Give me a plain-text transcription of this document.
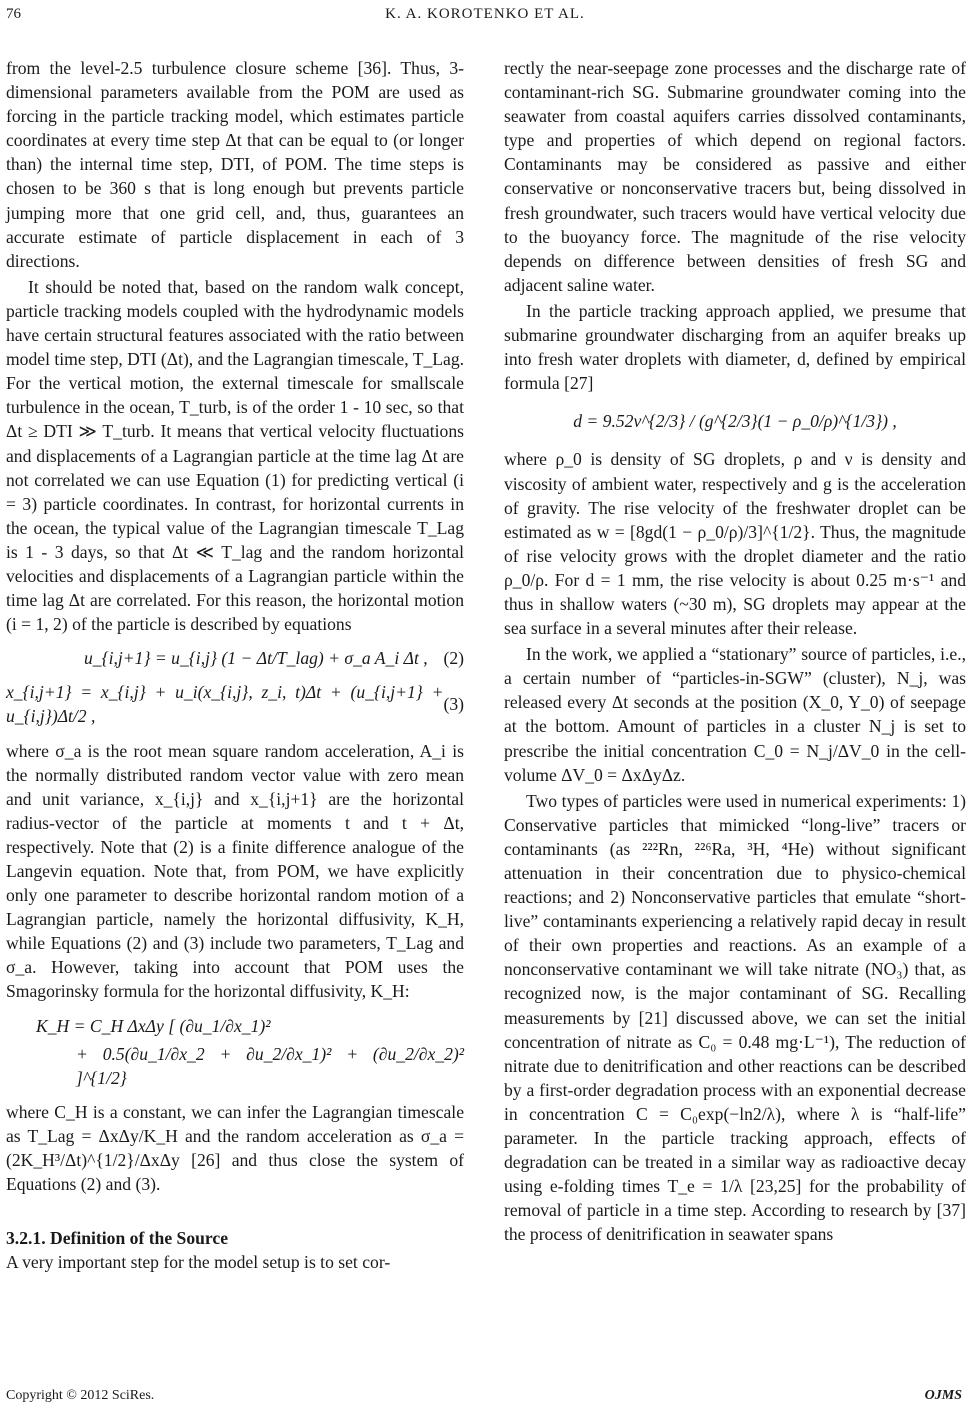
76	K. A. KOROTENKO ET AL.

from the level-2.5 turbulence closure scheme [36]. Thus, 3-dimensional parameters available from the POM are used as forcing in the particle tracking model, which estimates particle coordinates at every time step Δt that can be equal to (or longer than) the internal time step, DTI, of POM. The time steps is chosen to be 360 s that is long enough but prevents particle jumping more that one grid cell, and, thus, guarantees an accurate estimate of particle displacement in each of 3 directions.

It should be noted that, based on the random walk concept, particle tracking models coupled with the hydrodynamic models have certain structural features associated with the ratio between model time step, DTI (Δt), and the Lagrangian timescale, T_Lag. For the vertical motion, the external timescale for smallscale turbulence in the ocean, T_turb, is of the order 1 - 10 sec, so that Δt ≥ DTI ≫ T_turb. It means that vertical velocity fluctuations and displacements of a Lagrangian particle at the time lag Δt are not correlated we can use Equation (1) for predicting vertical (i = 3) particle coordinates. In contrast, for horizontal currents in the ocean, the typical value of the Lagrangian timescale T_Lag is 1 - 3 days, so that Δt ≪ T_lag and the random horizontal velocities and displacements of a Lagrangian particle within the time lag Δt are correlated. For this reason, the horizontal motion (i = 1, 2) of the particle is described by equations

u_{i,j+1} = u_{i,j} (1 − Δt/T_lag) + σ_a A_i Δt , (2)
x_{i,j+1} = x_{i,j} + u_i(x_{i,j}, z_i, t)Δt + (u_{i,j+1} + u_{i,j})Δt/2 ,
(3)

where σ_a is the root mean square random acceleration, A_i is the normally distributed random vector value with zero mean and unit variance, x_{i,j} and x_{i,j+1} are the horizontal radius-vector of the particle at moments t and t + Δt, respectively. Note that (2) is a finite difference analogue of the Langevin equation. Note that, from POM, we have explicitly only one parameter to describe horizontal random motion of a Lagrangian particle, namely the horizontal diffusivity, K_H, while Equations (2) and (3) include two parameters, T_Lag and σ_a. However, taking into account that POM uses the Smagorinsky formula for the horizontal diffusivity, K_H:

K_H = C_H ΔxΔy [ (∂u_1/∂x_1)²
+ 0.5(∂u_1/∂x_2 + ∂u_2/∂x_1)² + (∂u_2/∂x_2)² ]^{1/2}

where C_H is a constant, we can infer the Lagrangian timescale as T_Lag = ΔxΔy/K_H and the random acceleration as σ_a = (2K_H³/Δt)^{1/2}/ΔxΔy [26] and thus close the system of Equations (2) and (3).

3.2.1. Definition of the Source

A very important step for the model setup is to set cor-

rectly the near-seepage zone processes and the discharge rate of contaminant-rich SG. Submarine groundwater coming into the seawater from coastal aquifers carries dissolved contaminants, type and properties of which depend on regional factors. Contaminants may be considered as passive and either conservative or nonconservative tracers but, being dissolved in fresh groundwater, such tracers would have vertical velocity due to the buoyancy force. The magnitude of the rise velocity depends on difference between densities of fresh SG and adjacent saline water.

In the particle tracking approach applied, we presume that submarine groundwater discharging from an aquifer breaks up into fresh water droplets with diameter, d, defined by empirical formula [27]

d = 9.52ν^{2/3} / (g^{2/3}(1 − ρ_0/ρ)^{1/3}) ,

where ρ_0 is density of SG droplets, ρ and ν is density and viscosity of ambient water, respectively and g is the acceleration of gravity. The rise velocity of the freshwater droplet can be estimated as w = [8gd(1 − ρ_0/ρ)/3]^{1/2}. Thus, the magnitude of rise velocity grows with the droplet diameter and the ratio ρ_0/ρ. For d = 1 mm, the rise velocity is about 0.25 m·s⁻¹ and thus in shallow waters (~30 m), SG droplets may appear at the sea surface in a several minutes after their release.

In the work, we applied a “stationary” source of particles, i.e., a certain number of “particles-in-SGW” (cluster), N_j, was released every Δt seconds at the position (X_0, Y_0) of seepage at the bottom. Amount of particles in a cluster N_j is set to prescribe the initial concentration C_0 = N_j/ΔV_0 in the cell-volume ΔV_0 = ΔxΔyΔz.

Two types of particles were used in numerical experiments: 1) Conservative particles that mimicked “long-live” tracers or contaminants (as ²²²Rn, ²²⁶Ra, ³H, ⁴He) without significant attenuation in their concentration due to physico-chemical reactions; and 2) Nonconservative particles that emulate “short-live” contaminants experiencing a relatively rapid decay in result of their own properties and reactions. As an example of a nonconservative contaminant we will take nitrate (NO₃) that, as recognized now, is the major contaminant of SG. Recalling measurements by [21] discussed above, we can set the initial concentration of nitrate as C₀ = 0.48 mg·L⁻¹), The reduction of nitrate due to denitrification and other reactions can be described by a first-order degradation process with an exponential decrease in concentration C = C₀exp(−ln2/λ), where λ is “half-life” parameter. In the particle tracking approach, effects of degradation can be treated in a similar way as radioactive decay using e-folding times T_e = 1/λ [23,25] for the probability of removal of particle in a time step. According to research by [37] the process of denitrification in seawater spans

Copyright © 2012 SciRes.	OJMS
